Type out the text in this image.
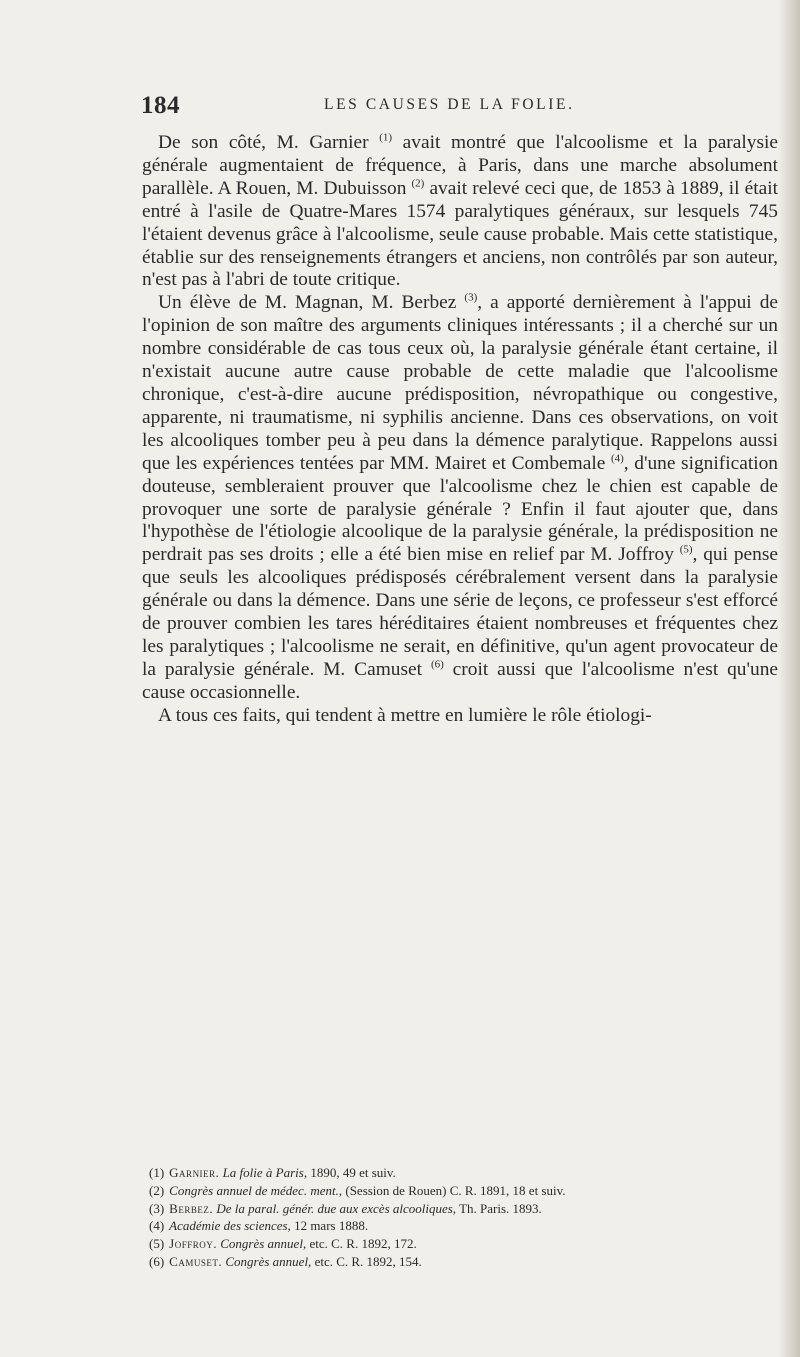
184	LES CAUSES DE LA FOLIE.

De son côté, M. Garnier $^{(1)}$ avait montré que l'alcoolisme et la paralysie générale augmentaient de fréquence, à Paris, dans une marche absolument parallèle. A Rouen, M. Dubuisson $^{(2)}$ avait relevé ceci que, de 1853 à 1889, il était entré à l'asile de Quatre-Mares 1574 paralytiques généraux, sur lesquels 745 l'étaient devenus grâce à l'alcoolisme, seule cause probable. Mais cette statistique, établie sur des renseignements étrangers et anciens, non contrôlés par son auteur, n'est pas à l'abri de toute critique.

Un élève de M. Magnan, M. Berbez $^{(3)}$, a apporté dernièrement à l'appui de l'opinion de son maître des arguments cliniques intéressants ; il a cherché sur un nombre considérable de cas tous ceux où, la paralysie générale étant certaine, il n'existait aucune autre cause probable de cette maladie que l'alcoolisme chronique, c'est-à-dire aucune prédisposition, névropathique ou congestive, apparente, ni traumatisme, ni syphilis ancienne. Dans ces observations, on voit les alcooliques tomber peu à peu dans la démence paralytique. Rappelons aussi que les expériences tentées par MM. Mairet et Combemale $^{(4)}$, d'une signification douteuse, sembleraient prouver que l'alcoolisme chez le chien est capable de provoquer une sorte de paralysie générale ? Enfin il faut ajouter que, dans l'hypothèse de l'étiologie alcoolique de la paralysie générale, la prédisposition ne perdrait pas ses droits ; elle a été bien mise en relief par M. Joffroy $^{(5)}$, qui pense que seuls les alcooliques prédisposés cérébralement versent dans la paralysie générale ou dans la démence. Dans une série de leçons, ce professeur s'est efforcé de prouver combien les tares héréditaires étaient nombreuses et fréquentes chez les paralytiques ; l'alcoolisme ne serait, en définitive, qu'un agent provocateur de la paralysie générale. M. Camuset $^{(6)}$ croit aussi que l'alcoolisme n'est qu'une cause occasionnelle.

A tous ces faits, qui tendent à mettre en lumière le rôle étiologi-

(1) Garnier. La folie à Paris, 1890, 49 et suiv.
(2) Congrès annuel de médec. ment., (Session de Rouen) C. R. 1891, 18 et suiv.
(3) Berbez. De la paral. génér. due aux excès alcooliques, Th. Paris. 1893.
(4) Académie des sciences, 12 mars 1888.
(5) Joffroy. Congrès annuel, etc. C. R. 1892, 172.
(6) Camuset. Congrès annuel, etc. C. R. 1892, 154.
